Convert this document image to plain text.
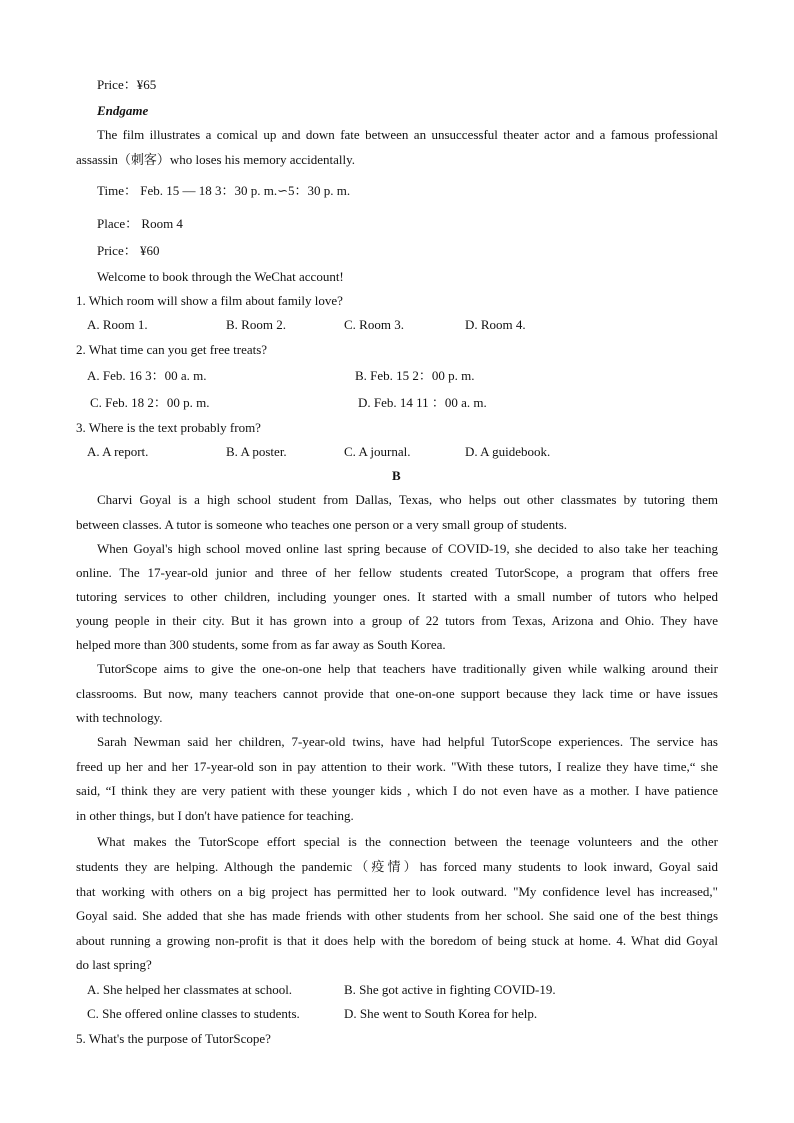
Price：¥65
Endgame
The film illustrates a comical up and down fate between an unsuccessful theater actor and a famous professional
assassin（刺客）who loses his memory accidentally.
Time： Feb. 15 — 18 3：30 p. m.∽5：30 p. m.
Place： Room 4
Price： ¥60
Welcome to book through the WeChat account!
1. Which room will show a film about family love?
A. Room 1.	B. Room 2.	C. Room 3.	D. Room 4.
2. What time can you get free treats?
A. Feb. 16 3：00 a. m.	B. Feb. 15 2：00 p. m.
C. Feb. 18 2：00 p. m.	D. Feb. 14 11 ：00 a. m.
3. Where is the text probably from?
A. A report.	B. A poster.	C. A journal.	D. A guidebook.
B
Charvi Goyal is a high school student from Dallas, Texas, who helps out other classmates by tutoring them
between classes. A tutor is someone who teaches one person or a very small group of students.
When Goyal's high school moved online last spring because of COVID-19, she decided to also take her teaching
online. The 17-year-old junior and three of her fellow students created TutorScope, a program that offers free
tutoring services to other children, including younger ones. It started with a small number of tutors who helped
young people in their city. But it has grown into a group of 22 tutors from Texas, Arizona and Ohio. They have
helped more than 300 students, some from as far away as South Korea.
TutorScope aims to give the one-on-one help that teachers have traditionally given while walking around their
classrooms. But now, many teachers cannot provide that one-on-one support because they lack time or have issues
with technology.
Sarah Newman said her children, 7-year-old twins, have had helpful TutorScope experiences. The service has
freed up her and her 17-year-old son in pay attention to their work. "With these tutors, I realize they have time,“ she
said, “I think they are very patient with these younger kids , which I do not even have as a mother. I have patience
in other things, but I don't have patience for teaching.
What makes the TutorScope effort special is the connection between the teenage volunteers and the other
students they are helping. Although the pandemic（疫情）has forced many students to look inward, Goyal said
that working with others on a big project has permitted her to look outward. "My confidence level has increased,"
Goyal said. She added that she has made friends with other students from her school. She said one of the best things
about running a growing non-profit is that it does help with the boredom of being stuck at home. 4. What did Goyal
do last spring?
A. She helped her classmates at school.	B. She got active in fighting COVID-19.
C. She offered online classes to students.	D. She went to South Korea for help.
5. What's the purpose of TutorScope?
